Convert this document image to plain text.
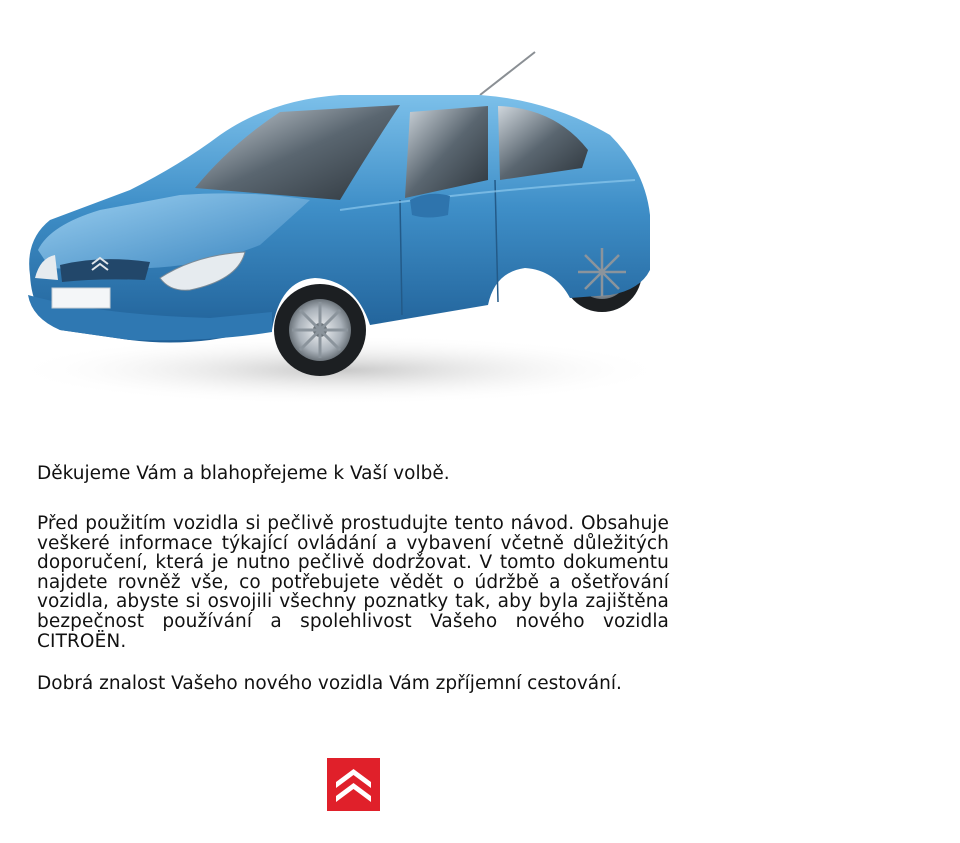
Děkujeme Vám a blahopřejeme k Vaší volbě.
Před použitím vozidla si pečlivě prostudujte tento návod. Obsahuje veškeré informace týkající ovládání a vybavení včetně důležitých doporučení, která je nutno pečlivě dodržovat. V tomto dokumentu najdete rovněž vše, co potřebujete vědět o údržbě a ošetřování vozidla, abyste si osvojili všechny poznatky tak, aby byla zajištěna bezpečnost používání a spolehlivost Vašeho nového vozidla CITROËN.
Dobrá znalost Vašeho nového vozidla Vám zpříjemní cestování.
